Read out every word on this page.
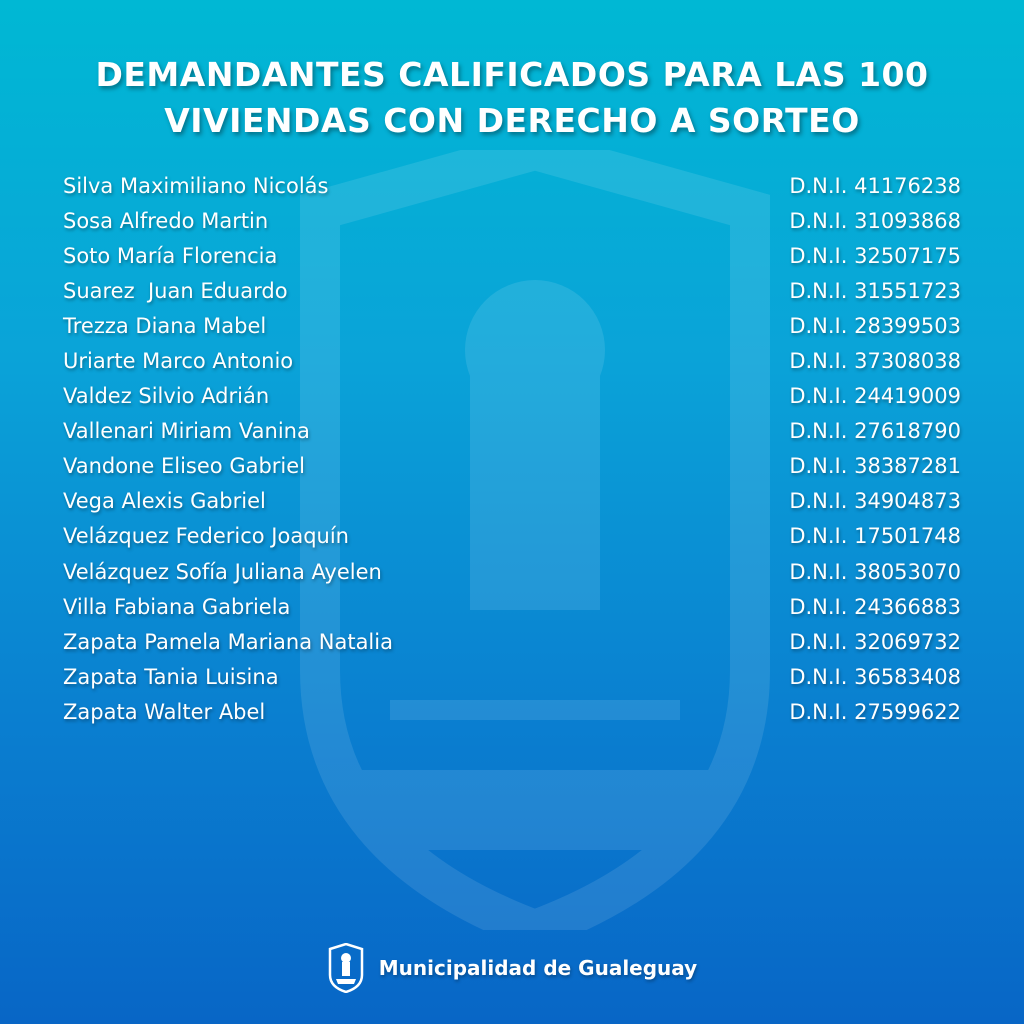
DEMANDANTES CALIFICADOS PARA LAS 100
VIVIENDAS CON DERECHO A SORTEO
Silva Maximiliano Nicolás	D.N.I. 41176238
Sosa Alfredo Martin	D.N.I. 31093868
Soto María Florencia	D.N.I. 32507175
Suarez  Juan Eduardo	D.N.I. 31551723
Trezza Diana Mabel	D.N.I. 28399503
Uriarte Marco Antonio	D.N.I. 37308038
Valdez Silvio Adrián	D.N.I. 24419009
Vallenari Miriam Vanina	D.N.I. 27618790
Vandone Eliseo Gabriel	D.N.I. 38387281
Vega Alexis Gabriel	D.N.I. 34904873
Velázquez Federico Joaquín	D.N.I. 17501748
Velázquez Sofía Juliana Ayelen	D.N.I. 38053070
Villa Fabiana Gabriela	D.N.I. 24366883
Zapata Pamela Mariana Natalia	D.N.I. 32069732
Zapata Tania Luisina	D.N.I. 36583408
Zapata Walter Abel	D.N.I. 27599622
Municipalidad de Gualeguay
